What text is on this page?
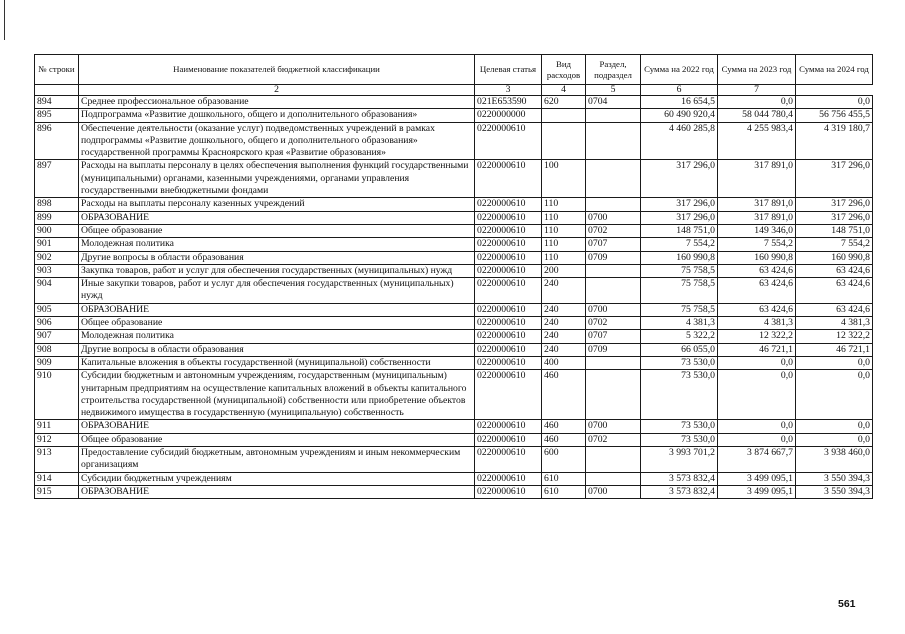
№ строки	Наименование показателей бюджетной классификации	Целевая статья	Вид расходов	Раздел, подраздел	Сумма на 2022 год	Сумма на 2023 год	Сумма на 2024 год
	2	3	4	5	6	7	
894	Среднее профессиональное образование	021Е653590	620	0704	16 654,5	0,0	0,0
895	Подпрограмма «Развитие дошкольного, общего и дополнительного образования»	0220000000			60 490 920,4	58 044 780,4	56 756 455,5
896	Обеспечение деятельности (оказание услуг) подведомственных учреждений в рамках подпрограммы «Развитие дошкольного, общего и дополнительного образования» государственной программы Красноярского края «Развитие образования»	0220000610			4 460 285,8	4 255 983,4	4 319 180,7
897	Расходы на выплаты персоналу в целях обеспечения выполнения функций государственными (муниципальными) органами, казенными учреждениями, органами управления государственными внебюджетными фондами	0220000610	100		317 296,0	317 891,0	317 296,0
898	Расходы на выплаты персоналу казенных учреждений	0220000610	110		317 296,0	317 891,0	317 296,0
899	ОБРАЗОВАНИЕ	0220000610	110	0700	317 296,0	317 891,0	317 296,0
900	Общее образование	0220000610	110	0702	148 751,0	149 346,0	148 751,0
901	Молодежная политика	0220000610	110	0707	7 554,2	7 554,2	7 554,2
902	Другие вопросы в области образования	0220000610	110	0709	160 990,8	160 990,8	160 990,8
903	Закупка товаров, работ и услуг для обеспечения государственных (муниципальных) нужд	0220000610	200		75 758,5	63 424,6	63 424,6
904	Иные закупки товаров, работ и услуг для обеспечения государственных (муниципальных) нужд	0220000610	240		75 758,5	63 424,6	63 424,6
905	ОБРАЗОВАНИЕ	0220000610	240	0700	75 758,5	63 424,6	63 424,6
906	Общее образование	0220000610	240	0702	4 381,3	4 381,3	4 381,3
907	Молодежная политика	0220000610	240	0707	5 322,2	12 322,2	12 322,2
908	Другие вопросы в области образования	0220000610	240	0709	66 055,0	46 721,1	46 721,1
909	Капитальные вложения в объекты государственной (муниципальной) собственности	0220000610	400		73 530,0	0,0	0,0
910	Субсидии бюджетным и автономным учреждениям, государственным (муниципальным) унитарным предприятиям на осуществление капитальных вложений в объекты капитального строительства государственной (муниципальной) собственности или приобретение объектов недвижимого имущества в государственную (муниципальную) собственность	0220000610	460		73 530,0	0,0	0,0
911	ОБРАЗОВАНИЕ	0220000610	460	0700	73 530,0	0,0	0,0
912	Общее образование	0220000610	460	0702	73 530,0	0,0	0,0
913	Предоставление субсидий бюджетным, автономным учреждениям и иным некоммерческим организациям	0220000610	600		3 993 701,2	3 874 667,7	3 938 460,0
914	Субсидии бюджетным учреждениям	0220000610	610		3 573 832,4	3 499 095,1	3 550 394,3
915	ОБРАЗОВАНИЕ	0220000610	610	0700	3 573 832,4	3 499 095,1	3 550 394,3
561
